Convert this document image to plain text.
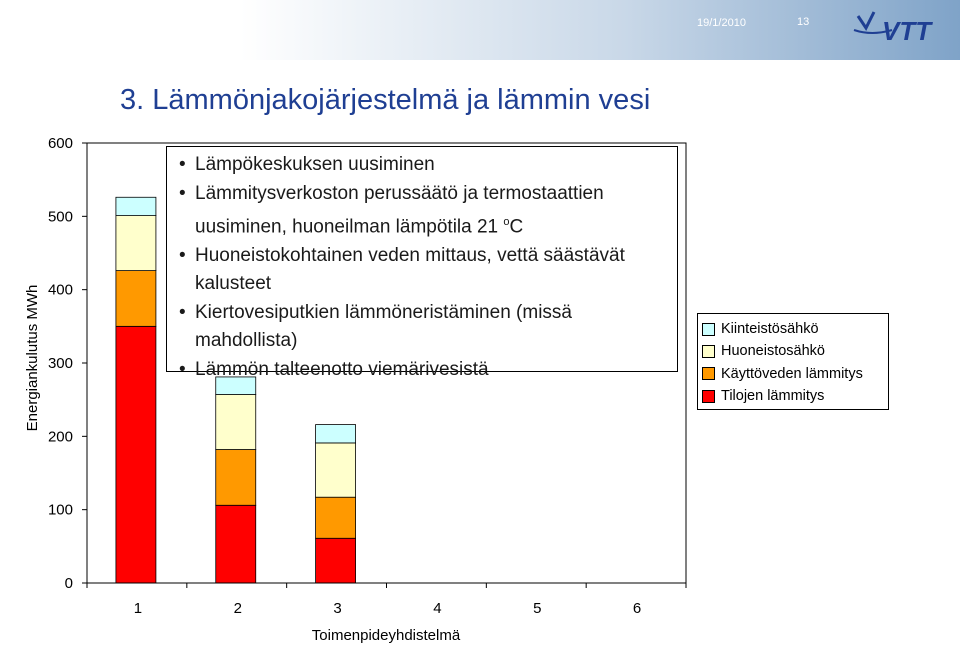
19/1/2010	13	VTT
3. Lämmönjakojärjestelmä ja lämmin vesi
0
100
200
300
400
500
600
1	2	3	4	5	6
Energiankulutus MWh
Toimenpideyhdistelmä
• Lämpökeskuksen uusiminen
• Lämmitysverkoston perussäätö ja termostaattien uusiminen, huoneilman lämpötila 21 $^o$C
• Huoneistokohtainen veden mittaus, vettä säästävät kalusteet
• Kiertovesiputkien lämmöneristäminen (missä mahdollista)
• Lämmön talteenotto viemärivesistä
Kiinteistösähkö
Huoneistosähkö
Käyttöveden lämmitys
Tilojen lämmitys
